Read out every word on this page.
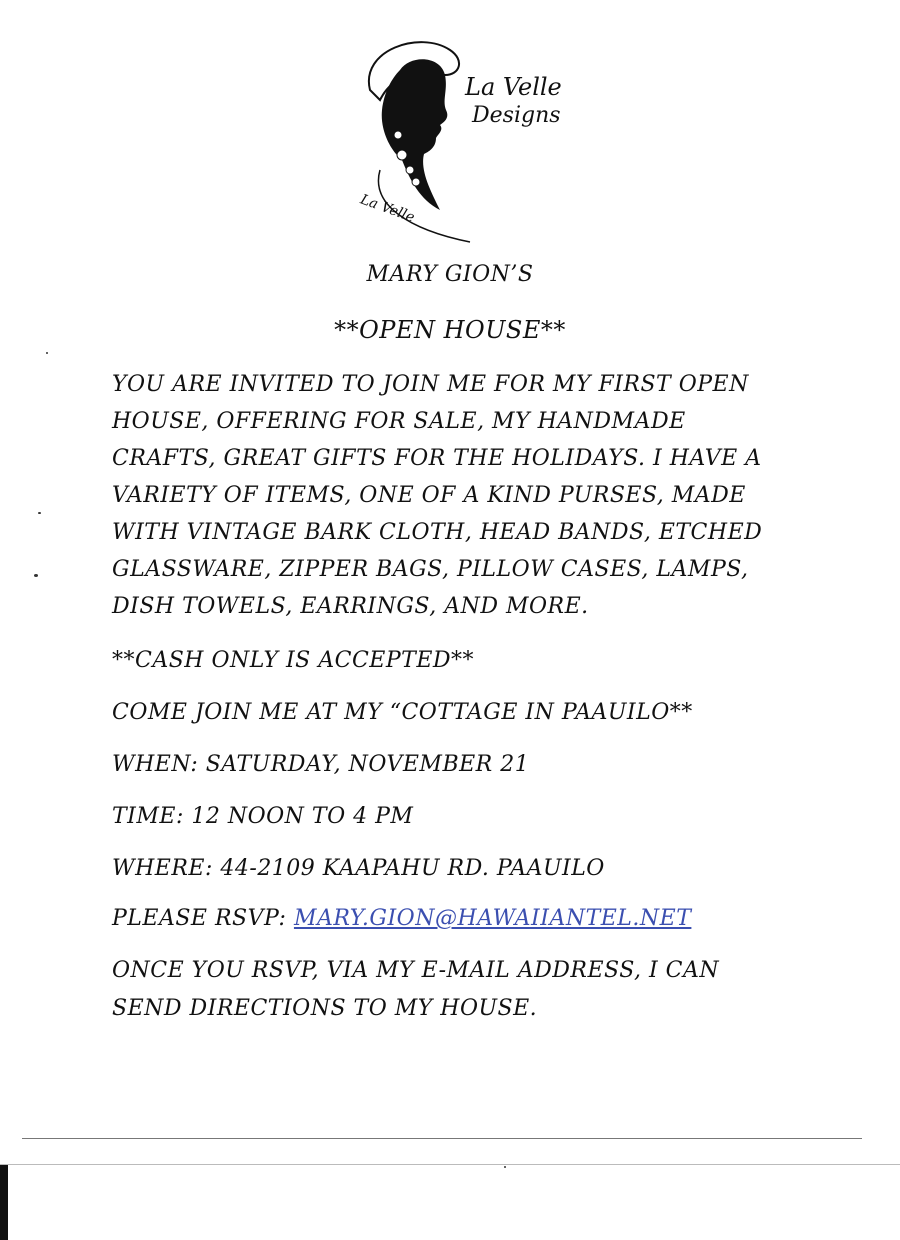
La Velle
Designs
La Velle

MARY GION’S

**OPEN HOUSE**

YOU ARE INVITED TO JOIN ME FOR MY FIRST OPEN

HOUSE, OFFERING FOR SALE, MY HANDMADE

CRAFTS, GREAT GIFTS FOR THE HOLIDAYS. I HAVE A

VARIETY OF ITEMS, ONE OF A KIND PURSES, MADE

WITH VINTAGE BARK CLOTH, HEAD BANDS, ETCHED

GLASSWARE, ZIPPER BAGS, PILLOW CASES, LAMPS,

DISH TOWELS, EARRINGS, AND MORE.

**CASH ONLY IS ACCEPTED**

COME JOIN ME AT MY “COTTAGE IN PAAUILO**

WHEN: SATURDAY, NOVEMBER 21

TIME: 12 NOON TO 4 PM

WHERE: 44-2109 KAAPAHU RD. PAAUILO

PLEASE RSVP: MARY.GION@HAWAIIANTEL.NET

ONCE YOU RSVP, VIA MY E-MAIL ADDRESS, I CAN

SEND DIRECTIONS TO MY HOUSE.
